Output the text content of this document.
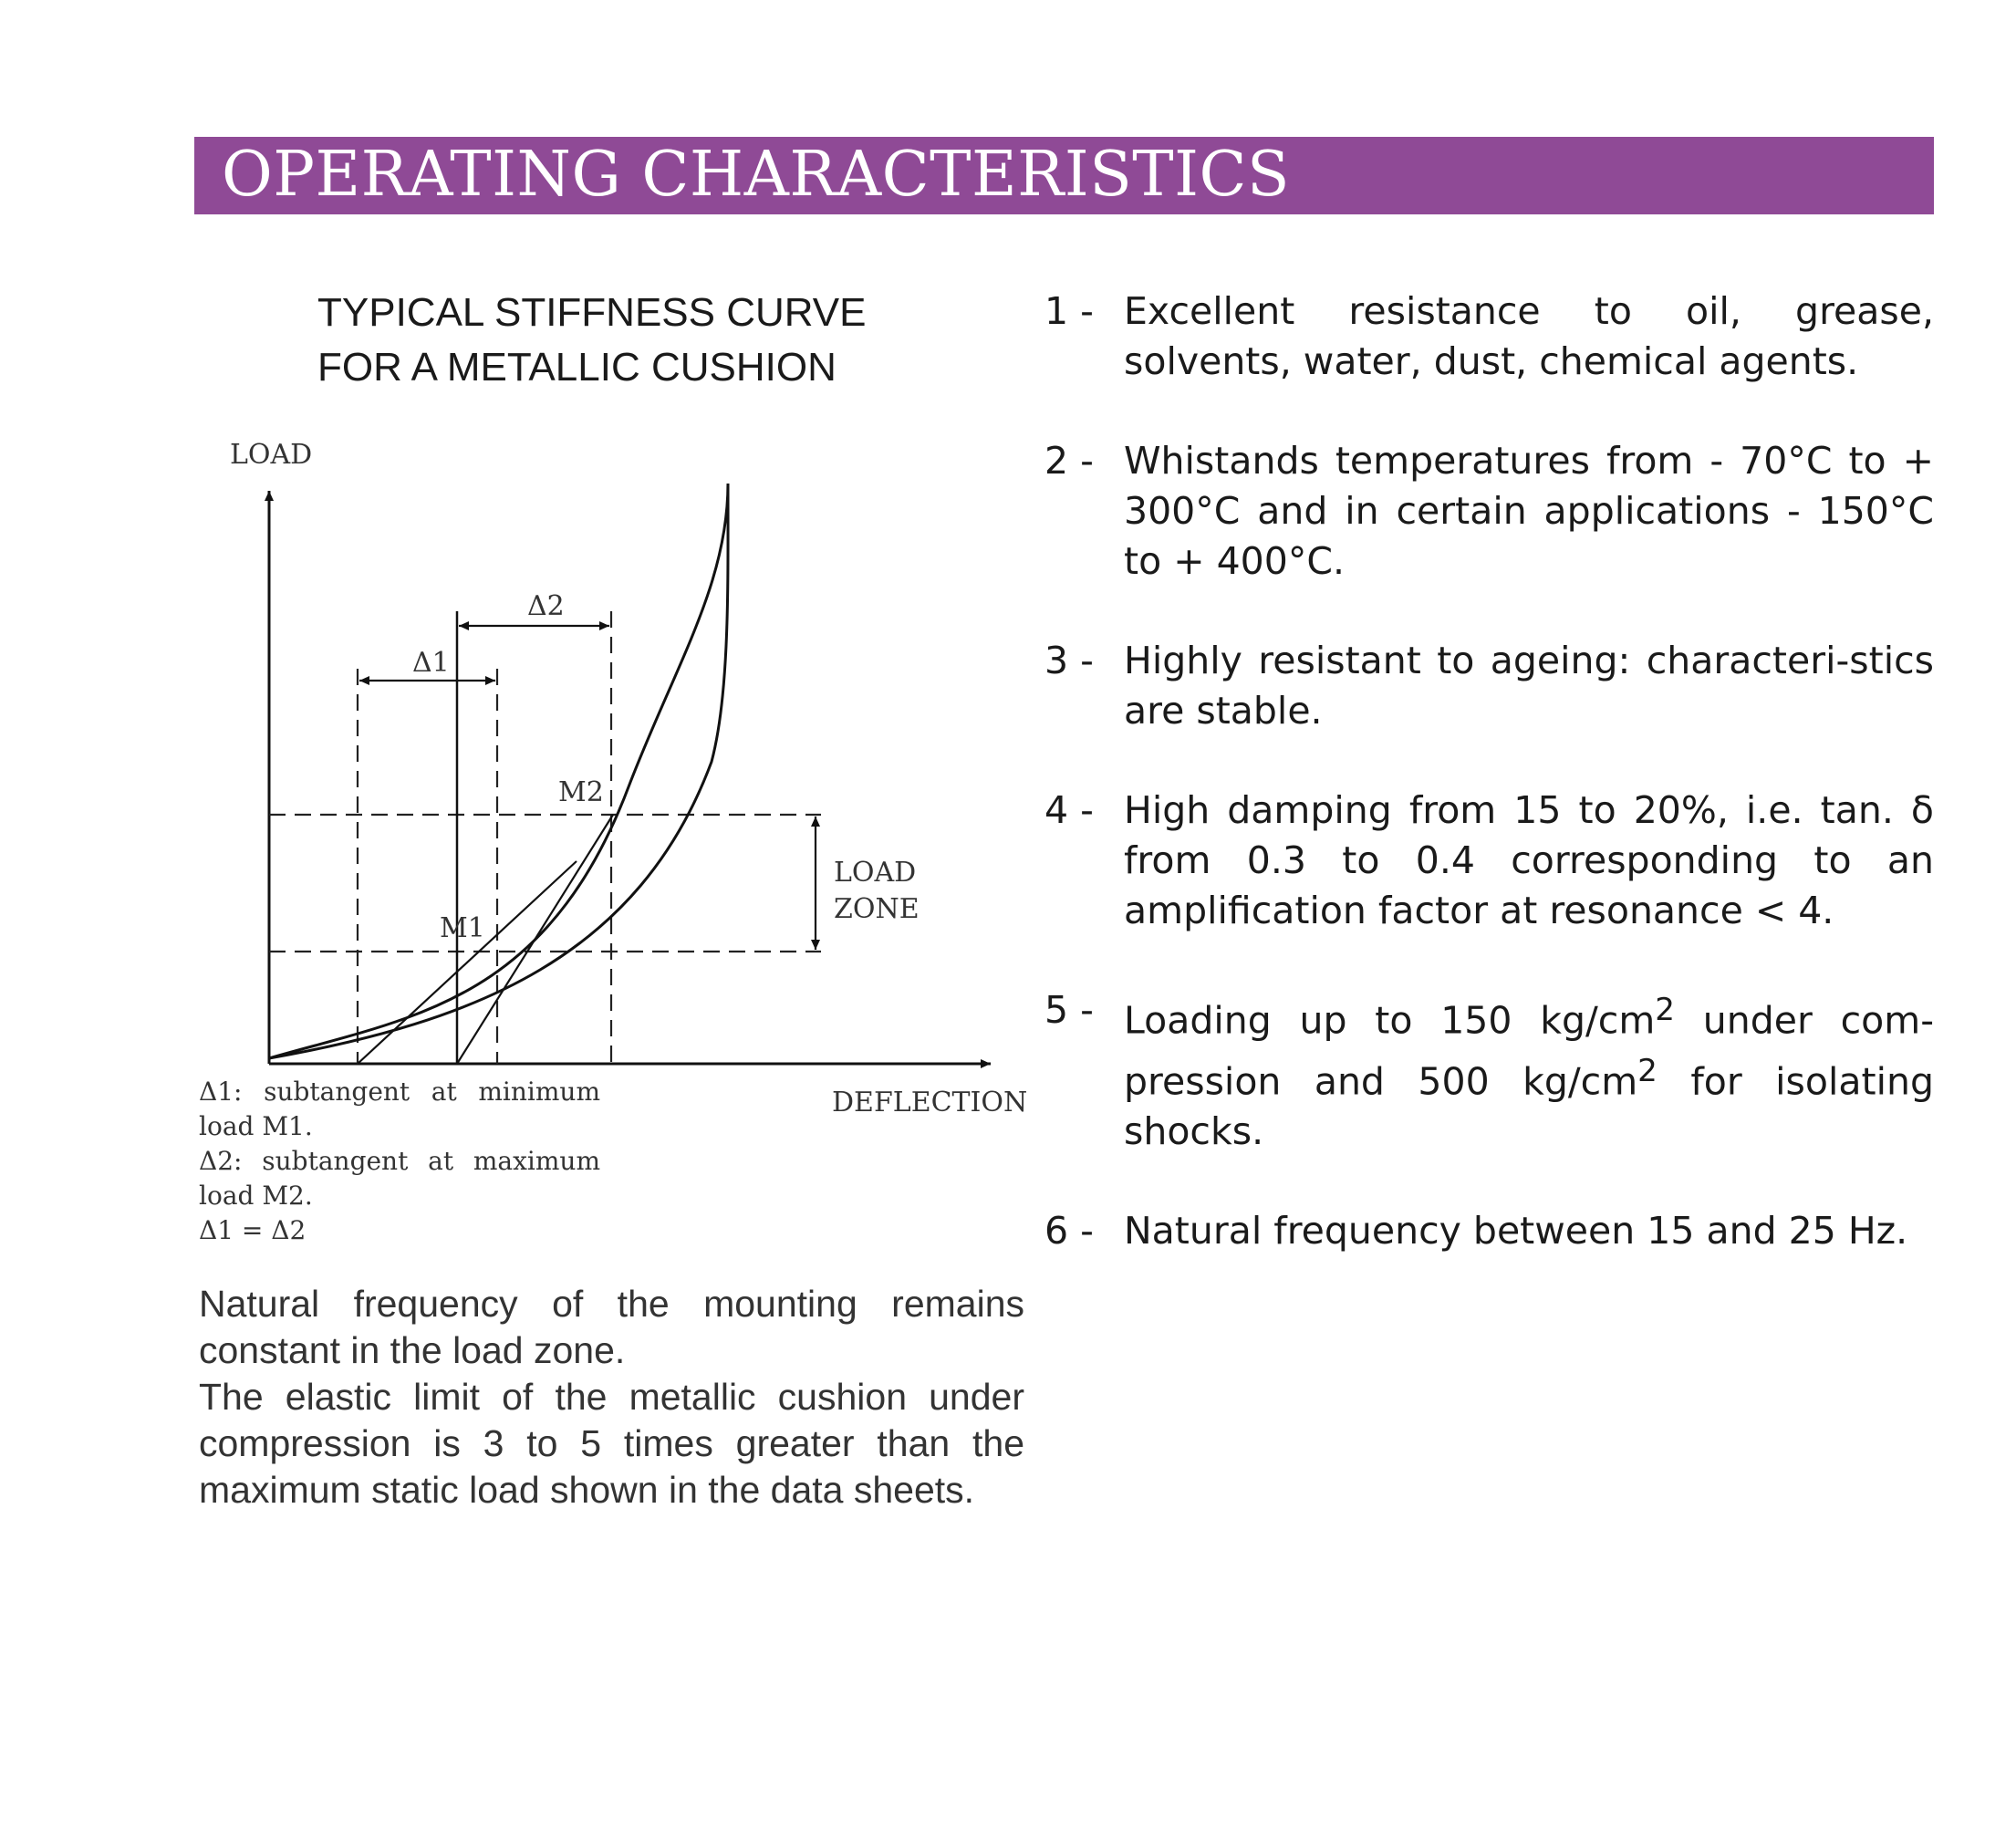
OPERATING CHARACTERISTICS
TYPICAL STIFFNESS CURVE
FOR A METALLIC CUSHION
LOAD
DEFLECTION
Δ1
Δ2
M1
M2
LOAD
ZONE
Δ1: subtangent at minimum
load M1.
Δ2: subtangent at maximum
load M2.
Δ1 = Δ2

Natural frequency of the mounting remains constant in the load zone.

The elastic limit of the metallic cushion under compression is 3 to 5 times greater than the maximum static load shown in the data sheets.

1 - Excellent resistance to oil, grease, solvents, water, dust, chemical agents.
2 - Whistands temperatures from - 70°C to + 300°C and in certain applications - 150°C to + 400°C.
3 - Highly resistant to ageing: characteri-stics are stable.
4 - High damping from 15 to 20%, i.e. tan. δ from 0.3 to 0.4 corresponding to an amplification factor at resonance < 4.
5 - Loading up to 150 $kg/cm^2$ under com-pression and 500 $kg/cm^2$ for isolating shocks.
6 - Natural frequency between 15 and 25 Hz.
